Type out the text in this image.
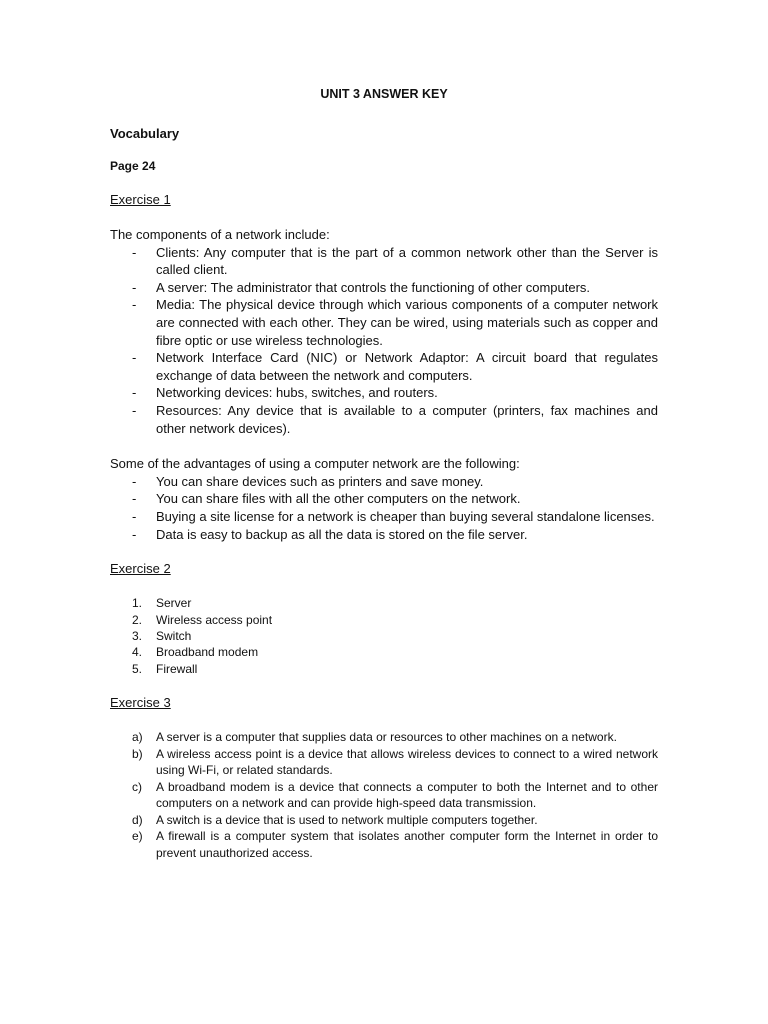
UNIT 3 ANSWER KEY
Vocabulary
Page 24
Exercise 1

The components of a network include:

- Clients: Any computer that is the part of a common network other than the Server is called client.
- A server: The administrator that controls the functioning of other computers.
- Media: The physical device through which various components of a computer network are connected with each other. They can be wired, using materials such as copper and fibre optic or use wireless technologies.
- Network Interface Card (NIC) or Network Adaptor: A circuit board that regulates exchange of data between the network and computers.
- Networking devices: hubs, switches, and routers.
- Resources: Any device that is available to a computer (printers, fax machines and other network devices).

Some of the advantages of using a computer network are the following:

- You can share devices such as printers and save money.
- You can share files with all the other computers on the network.
- Buying a site license for a network is cheaper than buying several standalone licenses.
- Data is easy to backup as all the data is stored on the file server.
Exercise 2
1. Server
2. Wireless access point
3. Switch
4. Broadband modem
5. Firewall
Exercise 3
a) A server is a computer that supplies data or resources to other machines on a network.
b) A wireless access point is a device that allows wireless devices to connect to a wired network using Wi-Fi, or related standards.
c) A broadband modem is a device that connects a computer to both the Internet and to other computers on a network and can provide high-speed data transmission.
d) A switch is a device that is used to network multiple computers together.
e) A firewall is a computer system that isolates another computer form the Internet in order to prevent unauthorized access.
